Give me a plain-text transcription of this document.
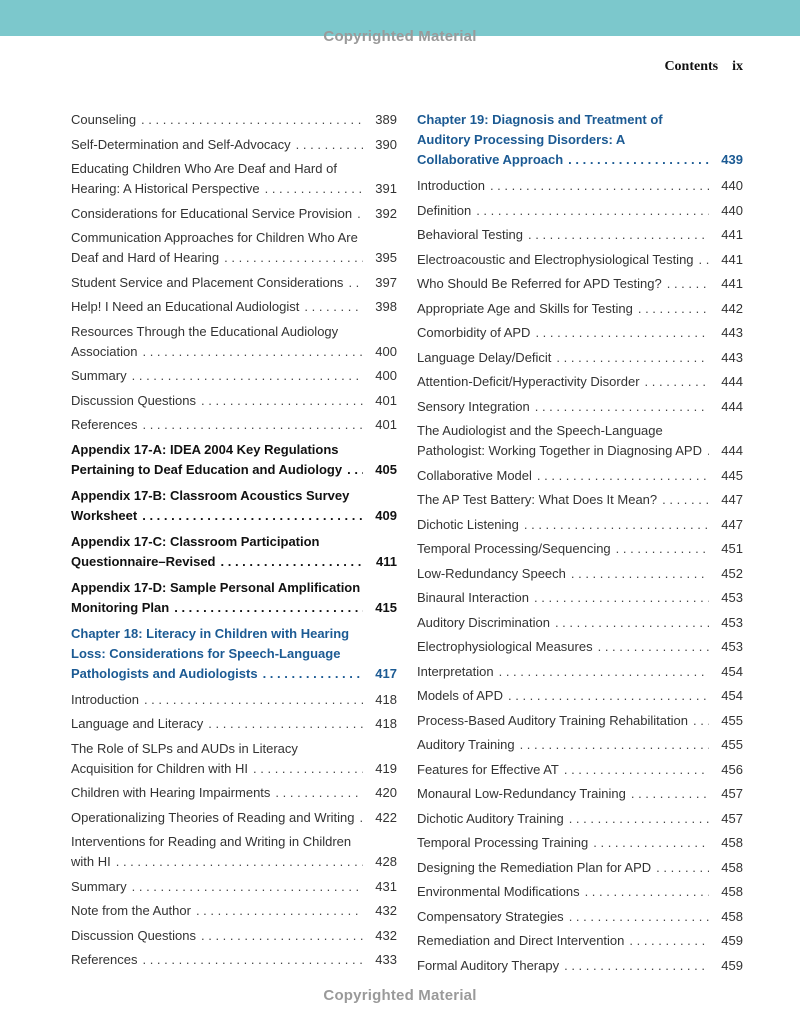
Copyrighted Material
Contents ix
Counseling . . .	389
Self-Determination and Self-Advocacy . . .	390
Educating Children Who Are Deaf and Hard of Hearing: A Historical Perspective . . .	391
Considerations for Educational Service Provision . . .	392
Communication Approaches for Children Who Are Deaf and Hard of Hearing . . .	395
Student Service and Placement Considerations . . .	397
Help! I Need an Educational Audiologist . . .	398
Resources Through the Educational Audiology Association . . .	400
Summary . . .	400
Discussion Questions . . .	401
References . . .	401
Appendix 17-A: IDEA 2004 Key Regulations Pertaining to Deaf Education and Audiology . . .	405
Appendix 17-B: Classroom Acoustics Survey Worksheet . . .	409
Appendix 17-C: Classroom Participation Questionnaire–Revised . . .	411
Appendix 17-D: Sample Personal Amplification Monitoring Plan . . .	415
Chapter 18: Literacy in Children with Hearing Loss: Considerations for Speech-Language Pathologists and Audiologists . . .	417
Introduction . . .	418
Language and Literacy . . .	418
The Role of SLPs and AUDs in Literacy Acquisition for Children with HI . . .	419
Children with Hearing Impairments . . .	420
Operationalizing Theories of Reading and Writing . . .	422
Interventions for Reading and Writing in Children with HI . . .	428
Summary . . .	431
Note from the Author . . .	432
Discussion Questions . . .	432
References . . .	433
Chapter 19: Diagnosis and Treatment of Auditory Processing Disorders: A Collaborative Approach . . .	439
Introduction . . .	440
Definition . . .	440
Behavioral Testing . . .	441
Electroacoustic and Electrophysiological Testing . . .	441
Who Should Be Referred for APD Testing? . . .	441
Appropriate Age and Skills for Testing . . .	442
Comorbidity of APD . . .	443
Language Delay/Deficit . . .	443
Attention-Deficit/Hyperactivity Disorder . . .	444
Sensory Integration . . .	444
The Audiologist and the Speech-Language Pathologist: Working Together in Diagnosing APD . . .	444
Collaborative Model . . .	445
The AP Test Battery: What Does It Mean? . . .	447
Dichotic Listening . . .	447
Temporal Processing/Sequencing . . .	451
Low-Redundancy Speech . . .	452
Binaural Interaction . . .	453
Auditory Discrimination . . .	453
Electrophysiological Measures . . .	453
Interpretation . . .	454
Models of APD . . .	454
Process-Based Auditory Training Rehabilitation . . .	455
Auditory Training . . .	455
Features for Effective AT . . .	456
Monaural Low-Redundancy Training . . .	457
Dichotic Auditory Training . . .	457
Temporal Processing Training . . .	458
Designing the Remediation Plan for APD . . .	458
Environmental Modifications . . .	458
Compensatory Strategies . . .	458
Remediation and Direct Intervention . . .	459
Formal Auditory Therapy . . .	459
Copyrighted Material
